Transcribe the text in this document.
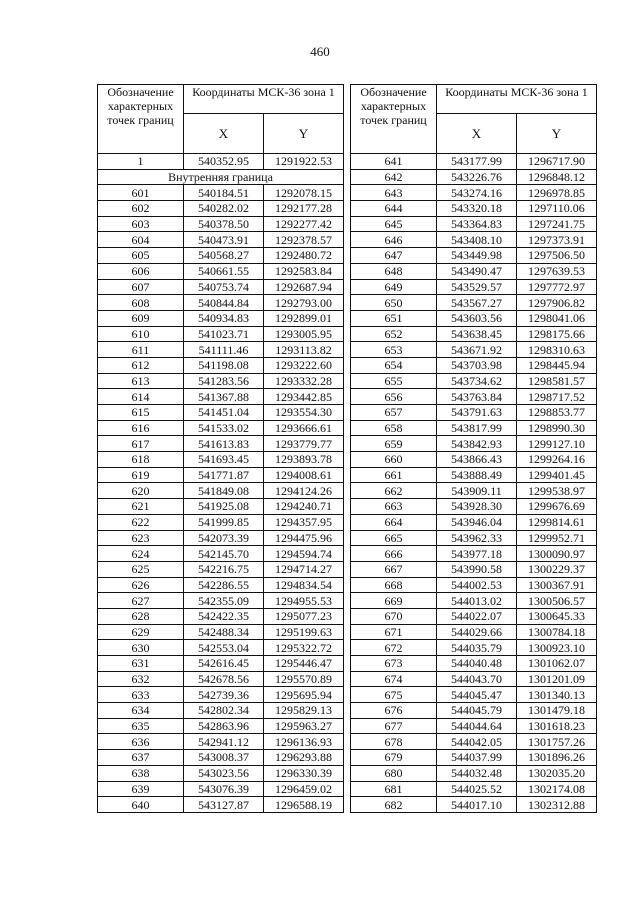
460
Обозначение характерных точек границ	Координаты МСК-36 зона 1	
	X	Y
1	540352.95	1291922.53
Внутренняя граница		
601	540184.51	1292078.15
602	540282.02	1292177.28
603	540378.50	1292277.42
604	540473.91	1292378.57
605	540568.27	1292480.72
606	540661.55	1292583.84
607	540753.74	1292687.94
608	540844.84	1292793.00
609	540934.83	1292899.01
610	541023.71	1293005.95
611	541111.46	1293113.82
612	541198.08	1293222.60
613	541283.56	1293332.28
614	541367.88	1293442.85
615	541451.04	1293554.30
616	541533.02	1293666.61
617	541613.83	1293779.77
618	541693.45	1293893.78
619	541771.87	1294008.61
620	541849.08	1294124.26
621	541925.08	1294240.71
622	541999.85	1294357.95
623	542073.39	1294475.96
624	542145.70	1294594.74
625	542216.75	1294714.27
626	542286.55	1294834.54
627	542355.09	1294955.53
628	542422.35	1295077.23
629	542488.34	1295199.63
630	542553.04	1295322.72
631	542616.45	1295446.47
632	542678.56	1295570.89
633	542739.36	1295695.94
634	542802.34	1295829.13
635	542863.96	1295963.27
636	542941.12	1296136.93
637	543008.37	1296293.88
638	543023.56	1296330.39
639	543076.39	1296459.02
640	543127.87	1296588.19
Обозначение характерных точек границ	Координаты МСК-36 зона 1	
	X	Y
641	543177.99	1296717.90
642	543226.76	1296848.12
643	543274.16	1296978.85
644	543320.18	1297110.06
645	543364.83	1297241.75
646	543408.10	1297373.91
647	543449.98	1297506.50
648	543490.47	1297639.53
649	543529.57	1297772.97
650	543567.27	1297906.82
651	543603.56	1298041.06
652	543638.45	1298175.66
653	543671.92	1298310.63
654	543703.98	1298445.94
655	543734.62	1298581.57
656	543763.84	1298717.52
657	543791.63	1298853.77
658	543817.99	1298990.30
659	543842.93	1299127.10
660	543866.43	1299264.16
661	543888.49	1299401.45
662	543909.11	1299538.97
663	543928.30	1299676.69
664	543946.04	1299814.61
665	543962.33	1299952.71
666	543977.18	1300090.97
667	543990.58	1300229.37
668	544002.53	1300367.91
669	544013.02	1300506.57
670	544022.07	1300645.33
671	544029.66	1300784.18
672	544035.79	1300923.10
673	544040.48	1301062.07
674	544043.70	1301201.09
675	544045.47	1301340.13
676	544045.79	1301479.18
677	544044.64	1301618.23
678	544042.05	1301757.26
679	544037.99	1301896.26
680	544032.48	1302035.20
681	544025.52	1302174.08
682	544017.10	1302312.88
